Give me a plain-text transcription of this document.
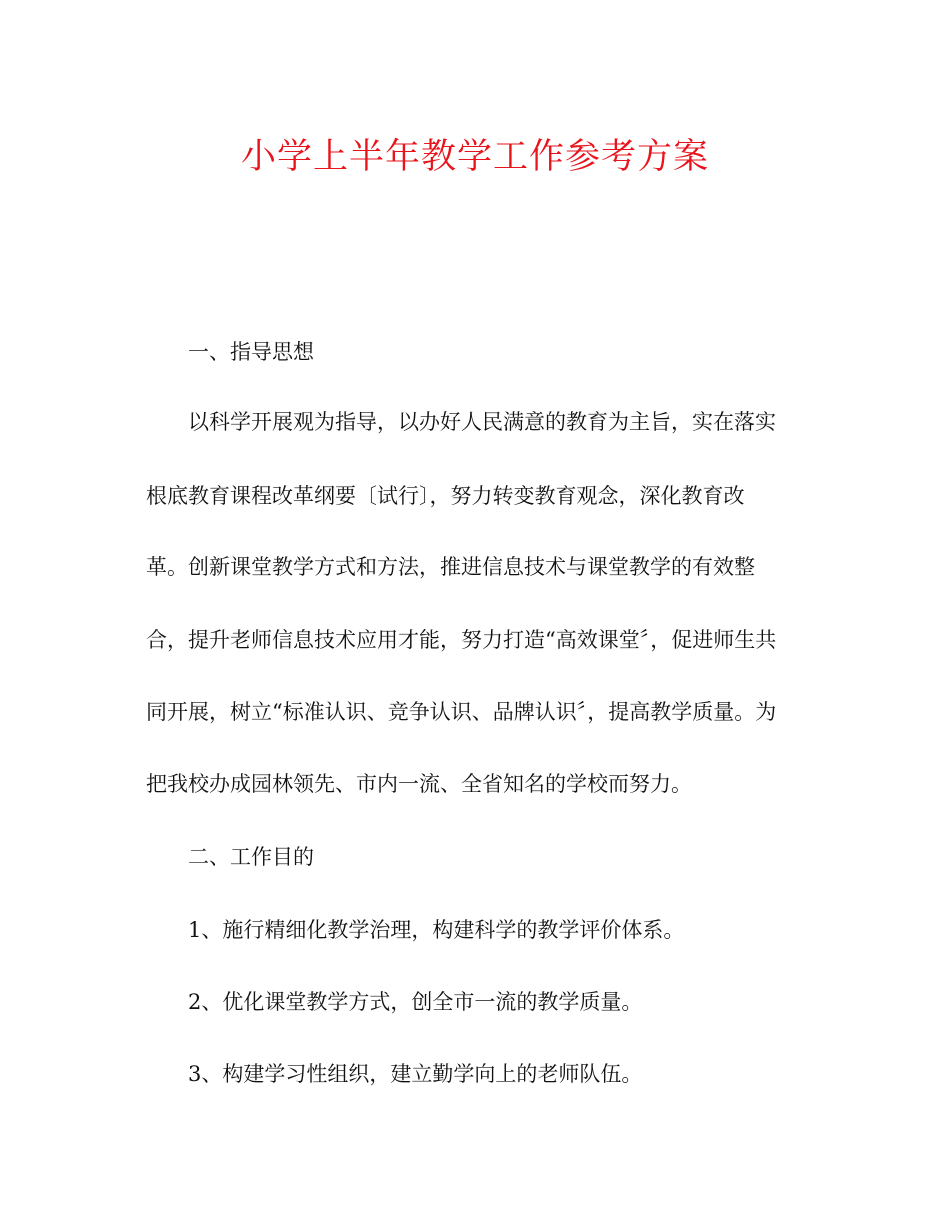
小学上半年教学工作参考方案
一、指导思想
以科学开展观为指导，以办好人民满意的教育为主旨，实在落实
根底教育课程改革纲要〔试行〕，努力转变教育观念，深化教育改
革。创新课堂教学方式和方法，推进信息技术与课堂教学的有效整
合，提升老师信息技术应用才能，努力打造“高效课堂〞，促进师生共
同开展，树立“标准认识、竞争认识、品牌认识〞，提高教学质量。为
把我校办成园林领先、市内一流、全省知名的学校而努力。
二、工作目的
1、施行精细化教学治理，构建科学的教学评价体系。
2、优化课堂教学方式，创全市一流的教学质量。
3、构建学习性组织，建立勤学向上的老师队伍。
